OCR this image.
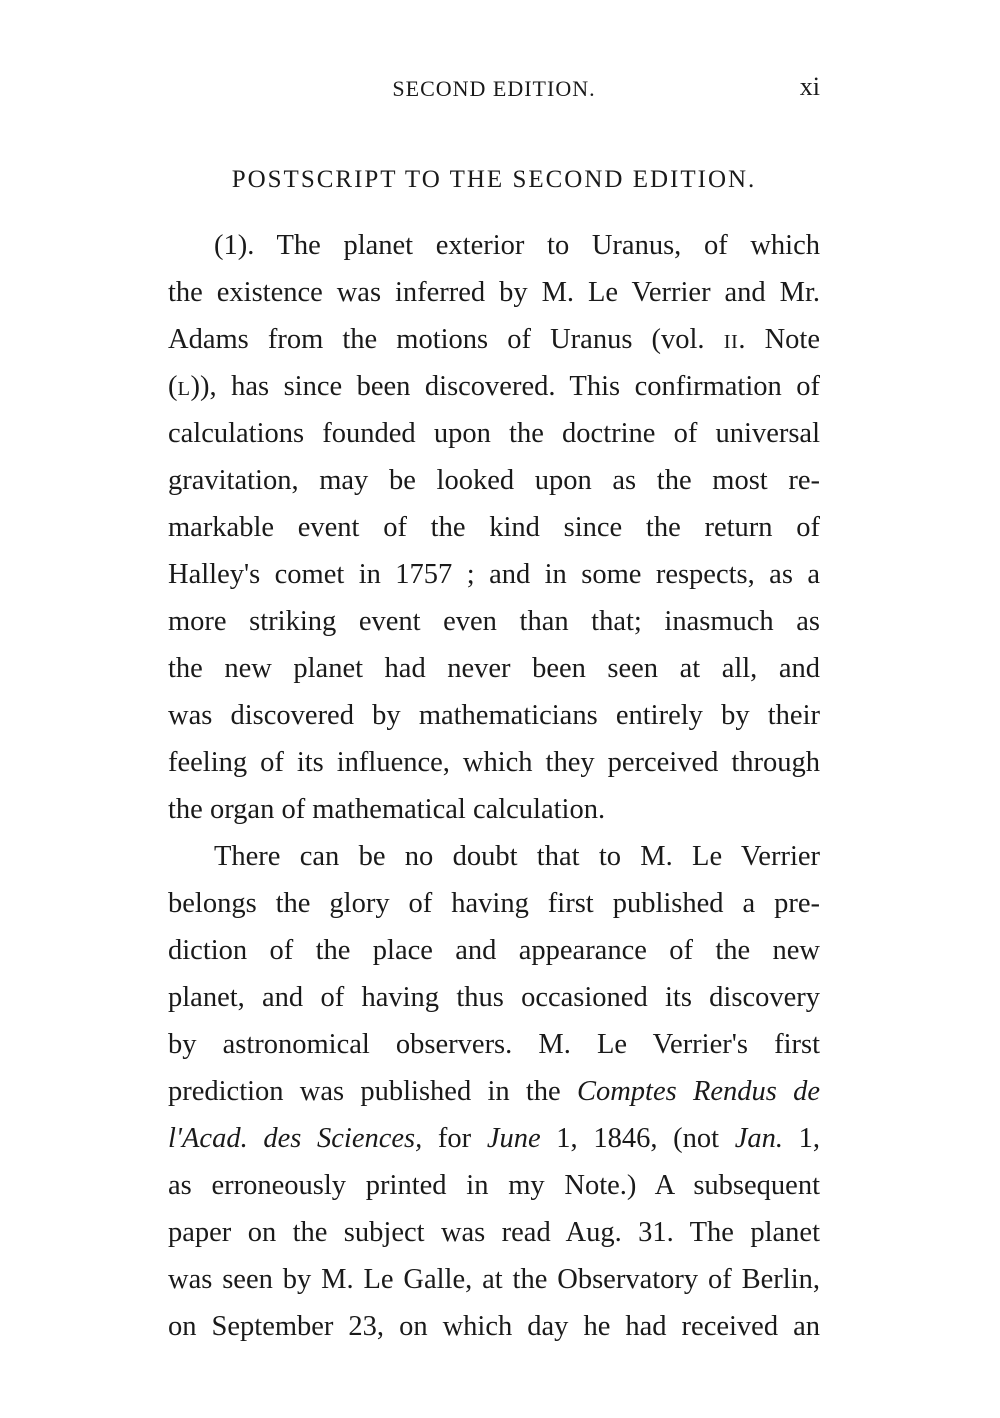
SECOND EDITION.	xi
POSTSCRIPT TO THE SECOND EDITION.
(1). The planet exterior to Uranus, of which
the existence was inferred by M. Le Verrier and Mr.
Adams from the motions of Uranus (vol. II. Note
(L)), has since been discovered. This confirmation of
calculations founded upon the doctrine of universal
gravitation, may be looked upon as the most re-
markable event of the kind since the return of
Halley's comet in 1757 ; and in some respects, as a
more striking event even than that; inasmuch as
the new planet had never been seen at all, and
was discovered by mathematicians entirely by their
feeling of its influence, which they perceived through
the organ of mathematical calculation.
There can be no doubt that to M. Le Verrier
belongs the glory of having first published a pre-
diction of the place and appearance of the new
planet, and of having thus occasioned its discovery
by astronomical observers. M. Le Verrier's first
prediction was published in the Comptes Rendus de
l'Acad. des Sciences, for June 1, 1846, (not Jan. 1,
as erroneously printed in my Note.) A subsequent
paper on the subject was read Aug. 31. The planet
was seen by M. Le Galle, at the Observatory of Berlin,
on September 23, on which day he had received an
